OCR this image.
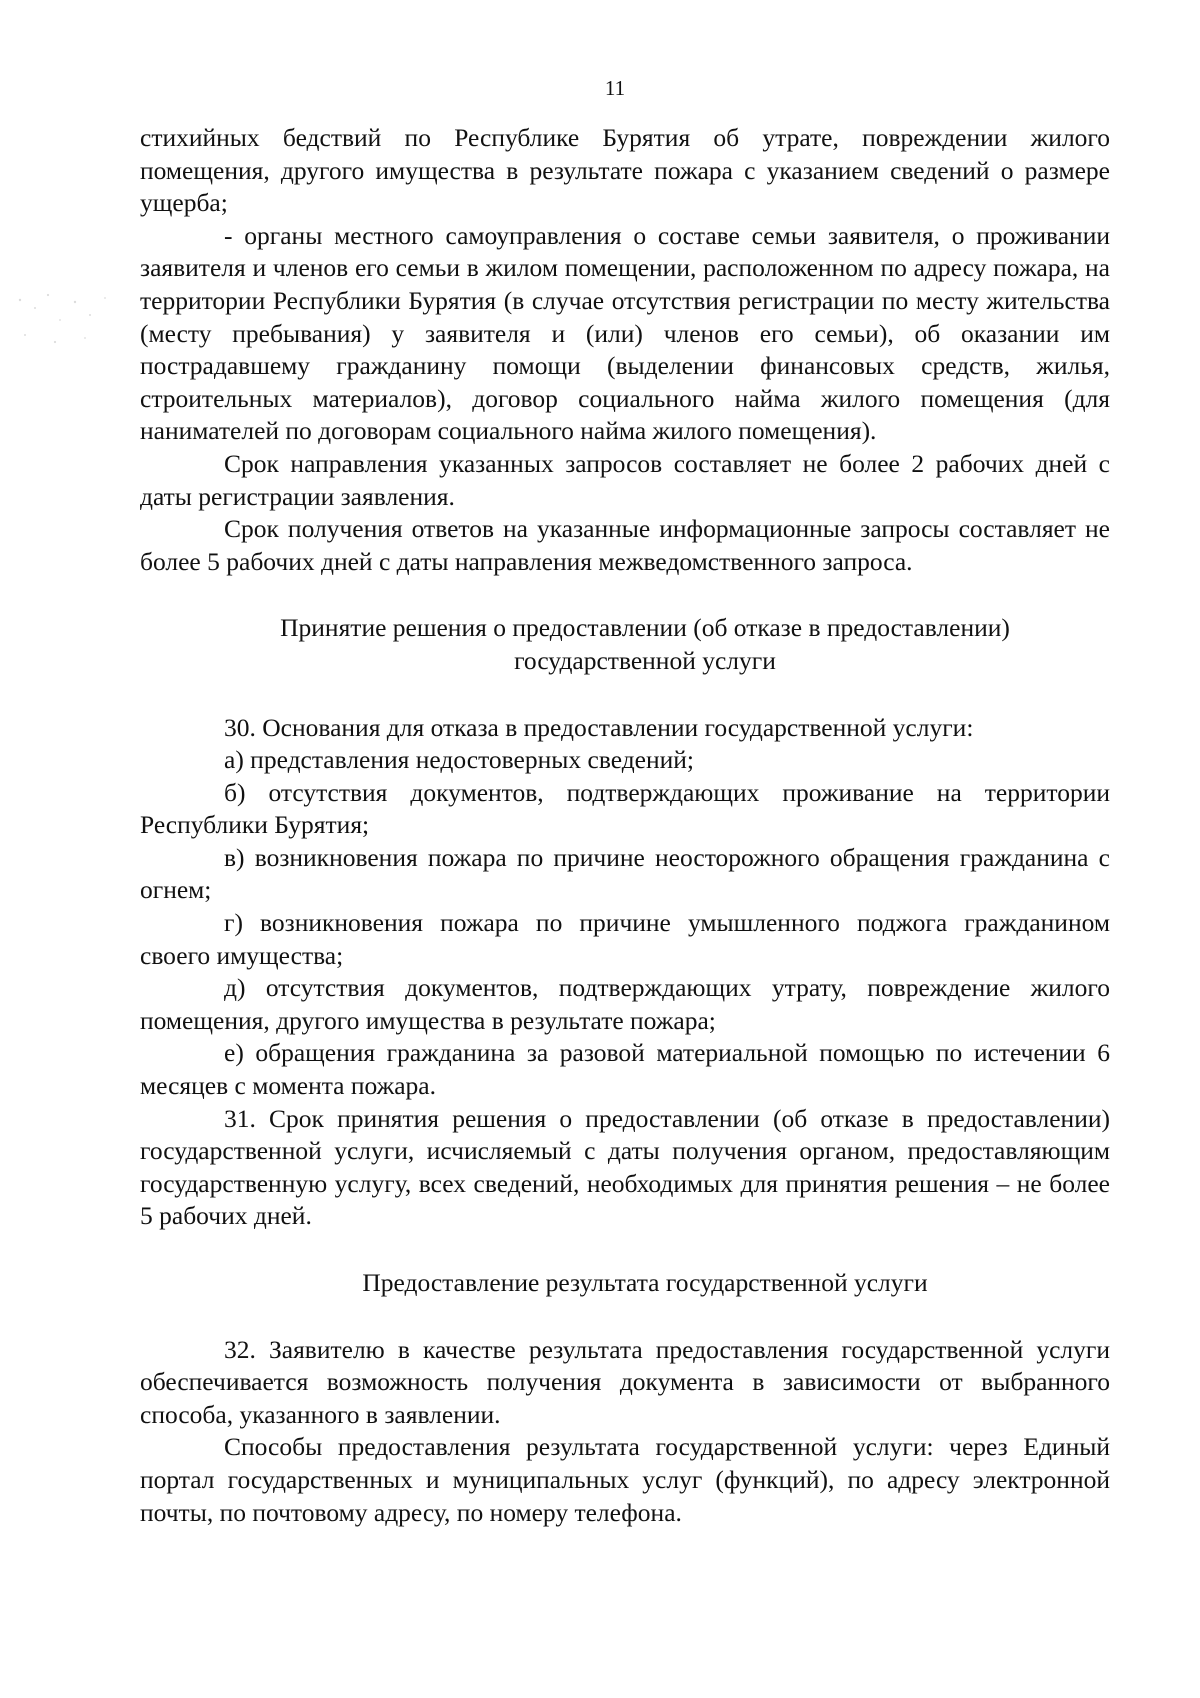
11

стихийных бедствий по Республике Бурятия об утрате, повреждении жилого помещения, другого имущества в результате пожара с указанием сведений о размере ущерба;

- органы местного самоуправления о составе семьи заявителя, о проживании заявителя и членов его семьи в жилом помещении, расположенном по адресу пожара, на территории Республики Бурятия (в случае отсутствия регистрации по месту жительства (месту пребывания) у заявителя и (или) членов его семьи), об оказании им пострадавшему гражданину помощи (выделении финансовых средств, жилья, строительных материалов), договор социального найма жилого помещения (для нанимателей по договорам социального найма жилого помещения).

Срок направления указанных запросов составляет не более 2 рабочих дней с даты регистрации заявления.

Срок получения ответов на указанные информационные запросы составляет не более 5 рабочих дней с даты направления межведомственного запроса.

Принятие решения о предоставлении (об отказе в предоставлении)

государственной услуги

30. Основания для отказа в предоставлении государственной услуги:

а) представления недостоверных сведений;

б) отсутствия документов, подтверждающих проживание на территории Республики Бурятия;

в) возникновения пожара по причине неосторожного обращения гражданина с огнем;

г) возникновения пожара по причине умышленного поджога гражданином своего имущества;

д) отсутствия документов, подтверждающих утрату, повреждение жилого помещения, другого имущества в результате пожара;

е) обращения гражданина за разовой материальной помощью по истечении 6 месяцев с момента пожара.

31. Срок принятия решения о предоставлении (об отказе в предоставлении) государственной услуги, исчисляемый с даты получения органом, предоставляющим государственную услугу, всех сведений, необходимых для принятия решения – не более 5 рабочих дней.

Предоставление результата государственной услуги

32. Заявителю в качестве результата предоставления государственной услуги обеспечивается возможность получения документа в зависимости от выбранного способа, указанного в заявлении.

Способы предоставления результата государственной услуги: через Единый портал государственных и муниципальных услуг (функций), по адресу электронной почты, по почтовому адресу, по номеру телефона.
